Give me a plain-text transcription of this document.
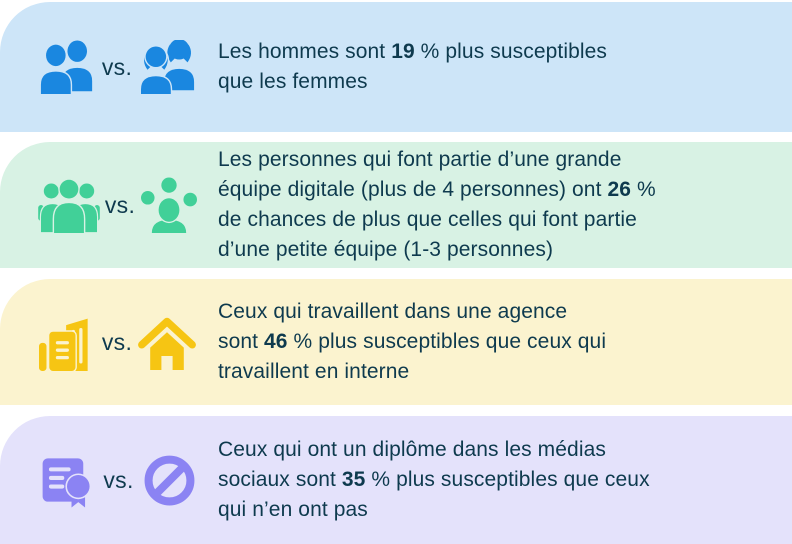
vs.
Les hommes sont 19 % plus susceptibles
que les femmes
vs.
Les personnes qui font partie d’une grande
équipe digitale (plus de 4 personnes) ont 26 %
de chances de plus que celles qui font partie
d’une petite équipe (1-3 personnes)
vs.
Ceux qui travaillent dans une agence
sont 46 % plus susceptibles que ceux qui
travaillent en interne
vs.
Ceux qui ont un diplôme dans les médias
sociaux sont 35 % plus susceptibles que ceux
qui n’en ont pas
